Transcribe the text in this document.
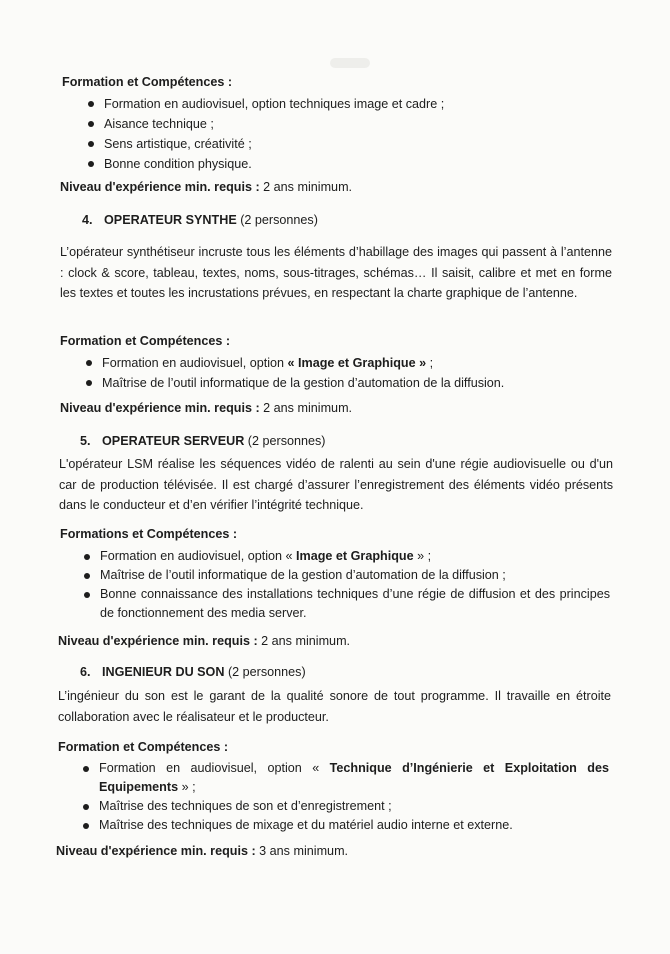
Formation et Compétences :
Formation en audiovisuel, option techniques image et cadre ;
Aisance technique ;
Sens artistique, créativité ;
Bonne condition physique.
Niveau d'expérience min. requis : 2 ans minimum.
4. OPERATEUR SYNTHE (2 personnes)
L’opérateur synthétiseur incruste tous les éléments d’habillage des images qui passent à l’antenne : clock & score, tableau, textes, noms, sous-titrages, schémas… Il saisit, calibre et met en forme les textes et toutes les incrustations prévues, en respectant la charte graphique de l’antenne.
Formation et Compétences :
Formation en audiovisuel, option « Image et Graphique » ;
Maîtrise de l’outil informatique de la gestion d’automation de la diffusion.
Niveau d'expérience min. requis : 2 ans minimum.
5. OPERATEUR SERVEUR (2 personnes)
L'opérateur LSM réalise les séquences vidéo de ralenti au sein d'une régie audiovisuelle ou d'un car de production télévisée. Il est chargé d’assurer l’enregistrement des éléments vidéo présents dans le conducteur et d’en vérifier l’intégrité technique.
Formations et Compétences :
Formation en audiovisuel, option « Image et Graphique » ;
Maîtrise de l’outil informatique de la gestion d’automation de la diffusion ;
Bonne connaissance des installations techniques d’une régie de diffusion et des principes de fonctionnement des media server.
Niveau d'expérience min. requis : 2 ans minimum.
6. INGENIEUR DU SON (2 personnes)
L’ingénieur du son est le garant de la qualité sonore de tout programme. Il travaille en étroite collaboration avec le réalisateur et le producteur.
Formation et Compétences :
Formation en audiovisuel, option « Technique d’Ingénierie et Exploitation des Equipements » ;
Maîtrise des techniques de son et d’enregistrement ;
Maîtrise des techniques de mixage et du matériel audio interne et externe.
Niveau d'expérience min. requis : 3 ans minimum.
